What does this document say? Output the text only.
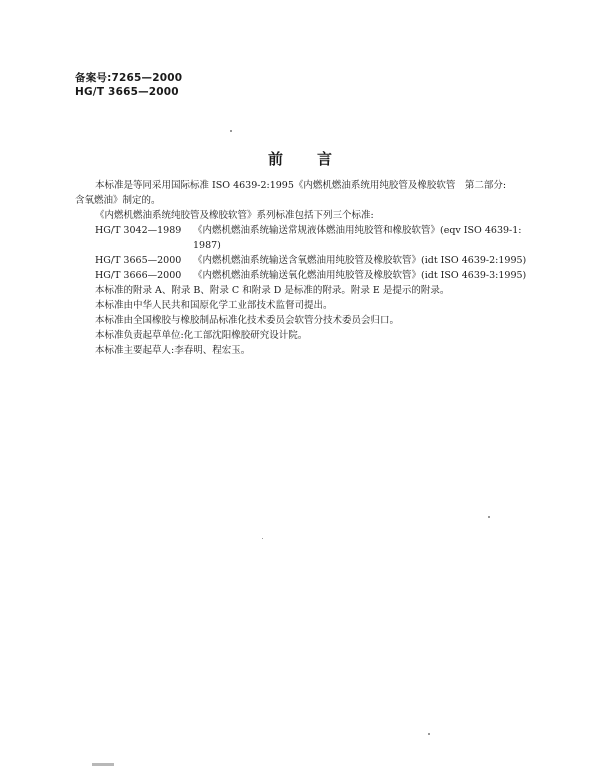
备案号:7265—2000
HG/T 3665—2000
前言

本标准是等同采用国际标准 ISO 4639-2:1995《内燃机燃油系统用纯胶管及橡胶软管　第二部分:

含氧燃油》制定的。

《内燃机燃油系统纯胶管及橡胶软管》系列标准包括下列三个标准:

HG/T 3042—1989	《内燃机燃油系统输送常规液体燃油用纯胶管和橡胶软管》(eqv ISO 4639-1:

1987)

HG/T 3665—2000	《内燃机燃油系统输送含氧燃油用纯胶管及橡胶软管》(idt ISO 4639-2:1995)
HG/T 3666—2000	《内燃机燃油系统输送氧化燃油用纯胶管及橡胶软管》(idt ISO 4639-3:1995)

本标准的附录 A、附录 B、附录 C 和附录 D 是标准的附录。附录 E 是提示的附录。

本标准由中华人民共和国原化学工业部技术监督司提出。

本标准由全国橡胶与橡胶制品标准化技术委员会软管分技术委员会归口。

本标准负责起草单位:化工部沈阳橡胶研究设计院。

本标准主要起草人:李春明、程宏玉。
